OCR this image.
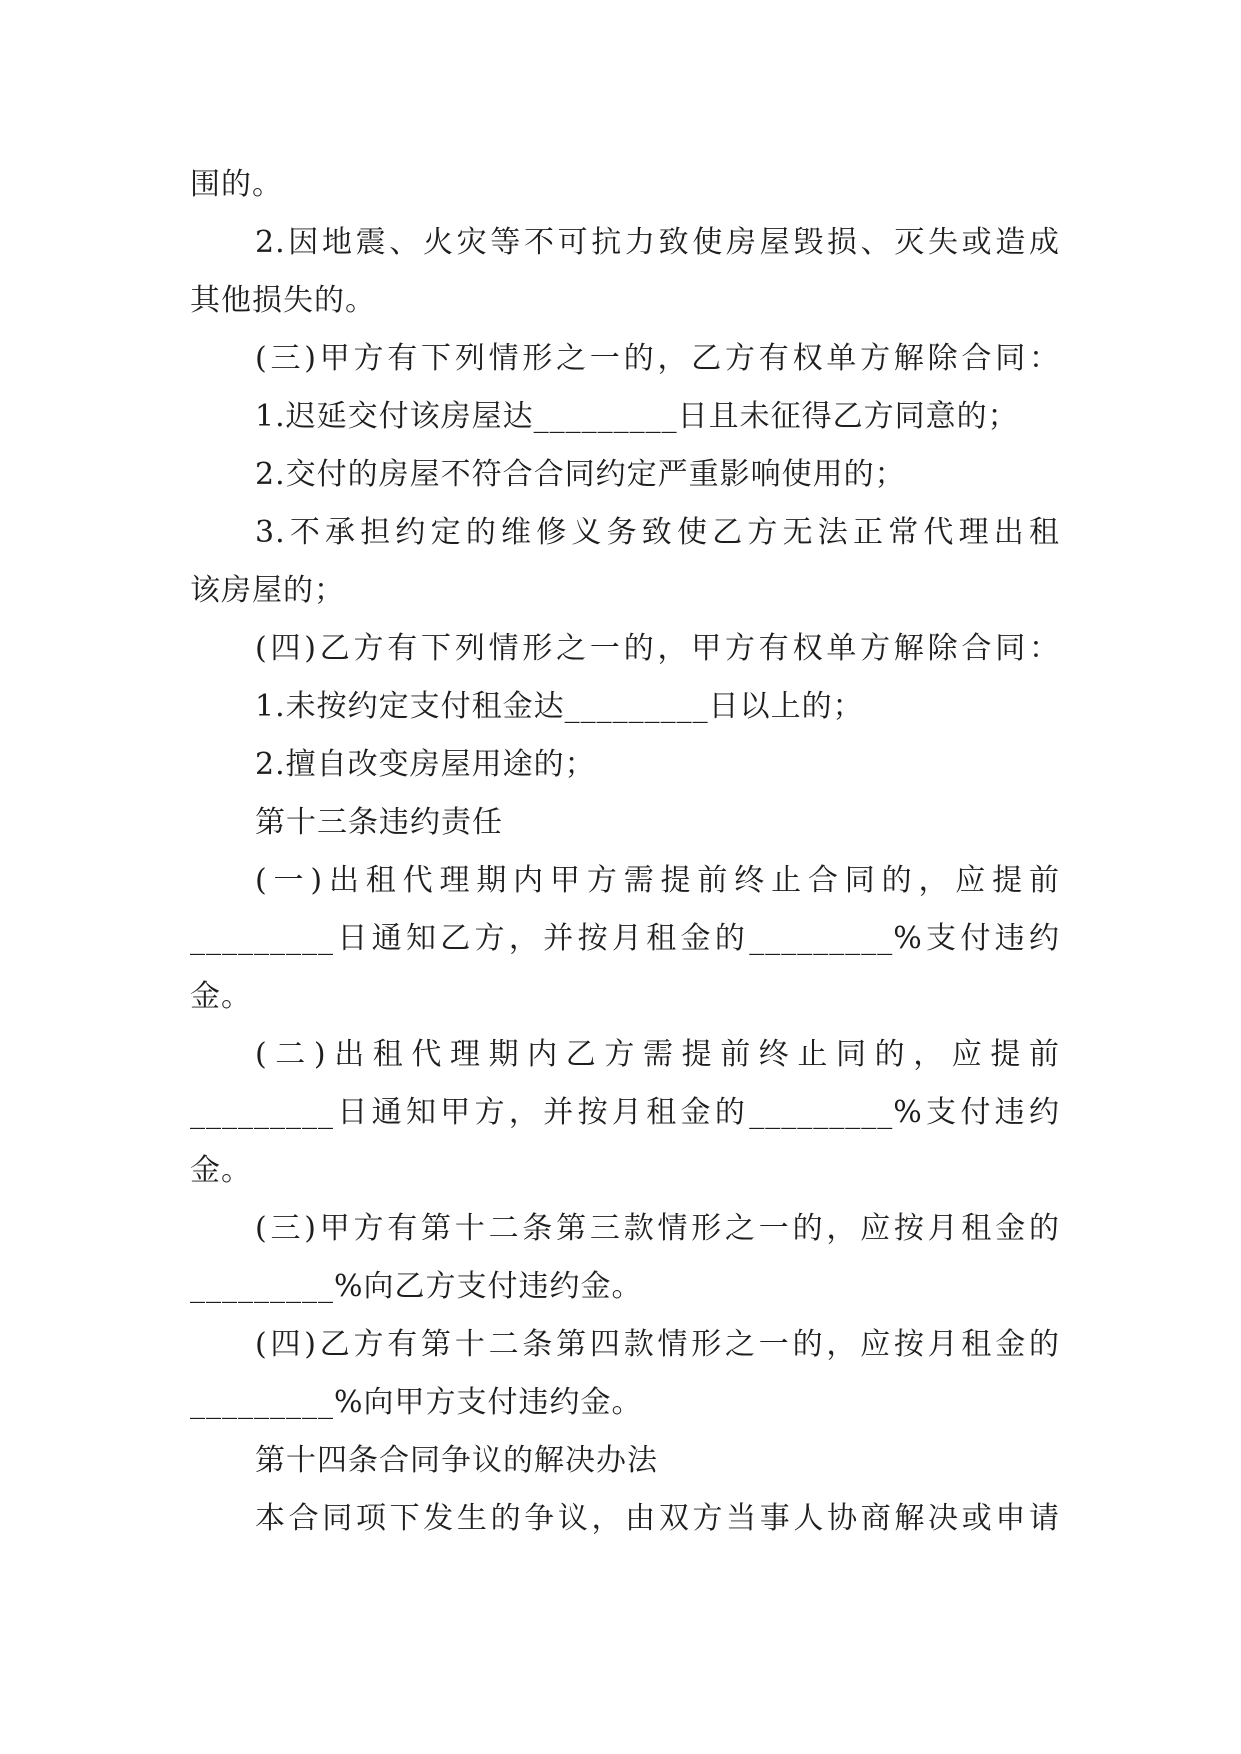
围的。
2.因地震、火灾等不可抗力致使房屋毁损、灭失或造成
其他损失的。
(三)甲方有下列情形之一的，乙方有权单方解除合同：
1.迟延交付该房屋达_________日且未征得乙方同意的；
2.交付的房屋不符合合同约定严重影响使用的；
3.不承担约定的维修义务致使乙方无法正常代理出租
该房屋的；
(四)乙方有下列情形之一的，甲方有权单方解除合同：
1.未按约定支付租金达_________日以上的；
2.擅自改变房屋用途的；
第十三条违约责任
(一)出租代理期内甲方需提前终止合同的，应提前
_________日通知乙方，并按月租金的_________%支付违约
金。
(二)出租代理期内乙方需提前终止同的，应提前
_________日通知甲方，并按月租金的_________%支付违约
金。
(三)甲方有第十二条第三款情形之一的，应按月租金的
_________%向乙方支付违约金。
(四)乙方有第十二条第四款情形之一的，应按月租金的
_________%向甲方支付违约金。
第十四条合同争议的解决办法
本合同项下发生的争议，由双方当事人协商解决或申请
